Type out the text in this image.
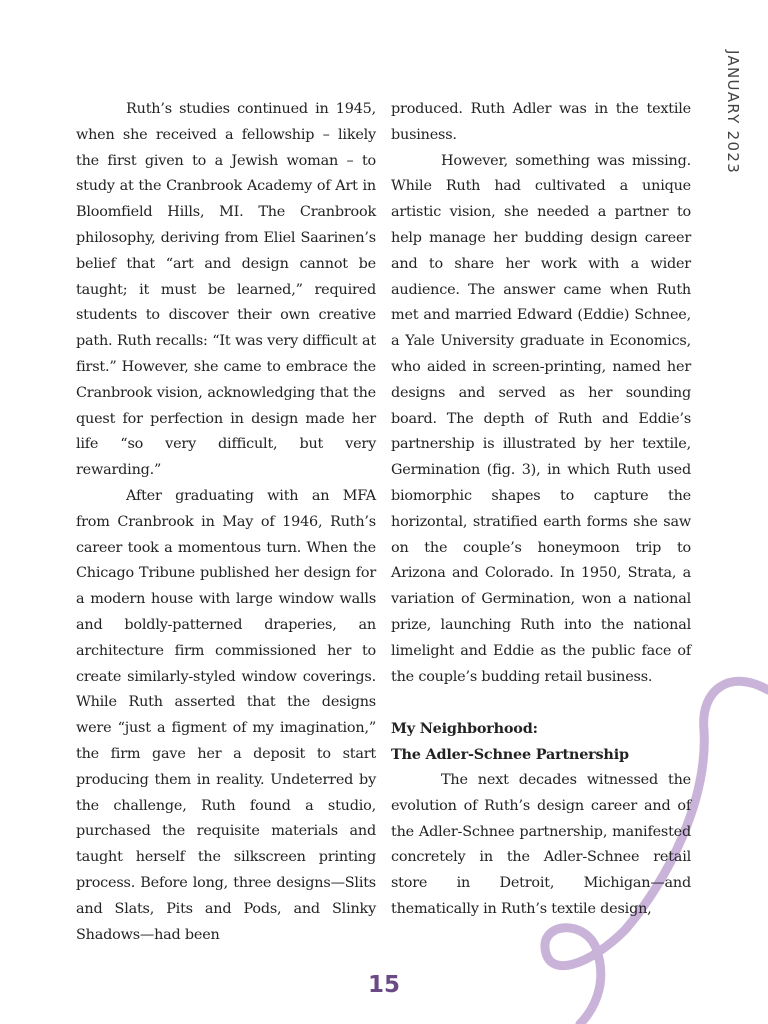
JANUARY 2023

Ruth’s studies continued in 1945, when she received a fellowship – likely the first given to a Jewish woman – to study at the Cranbrook Academy of Art in Bloomfield Hills, MI. The Cranbrook philosophy, deriving from Eliel Saarinen’s belief that “art and design cannot be taught; it must be learned,” required students to discover their own creative path. Ruth recalls: “It was very difficult at first.” However, she came to embrace the Cranbrook vision, acknowledging that the quest for perfection in design made her life “so very difficult, but very rewarding.”

After graduating with an MFA from Cranbrook in May of 1946, Ruth’s career took a momentous turn. When the Chicago Tribune published her design for a modern house with large window walls and boldly-patterned draperies, an architecture firm commissioned her to create similarly-styled window coverings. While Ruth asserted that the designs were “just a figment of my imagination,” the firm gave her a deposit to start producing them in reality. Undeterred by the challenge, Ruth found a studio, purchased the requisite materials and taught herself the silkscreen printing process. Before long, three designs—Slits and Slats, Pits and Pods, and Slinky Shadows—had been

produced. Ruth Adler was in the textile business.

However, something was missing. While Ruth had cultivated a unique artistic vision, she needed a partner to help manage her budding design career and to share her work with a wider audience. The answer came when Ruth met and married Edward (Eddie) Schnee, a Yale University graduate in Economics, who aided in screen-printing, named her designs and served as her sounding board. The depth of Ruth and Eddie’s partnership is illustrated by her textile, Germination (fig. 3), in which Ruth used biomorphic shapes to capture the horizontal, stratified earth forms she saw on the couple’s honeymoon trip to Arizona and Colorado. In 1950, Strata, a variation of Germination, won a national prize, launching Ruth into the national limelight and Eddie as the public face of the couple’s budding retail business.

My Neighborhood:
The Adler-Schnee Partnership

The next decades witnessed the evolution of Ruth’s design career and of the Adler-Schnee partnership, manifested concretely in the Adler-Schnee retail store in Detroit, Michigan—and thematically in Ruth’s textile design,

15
